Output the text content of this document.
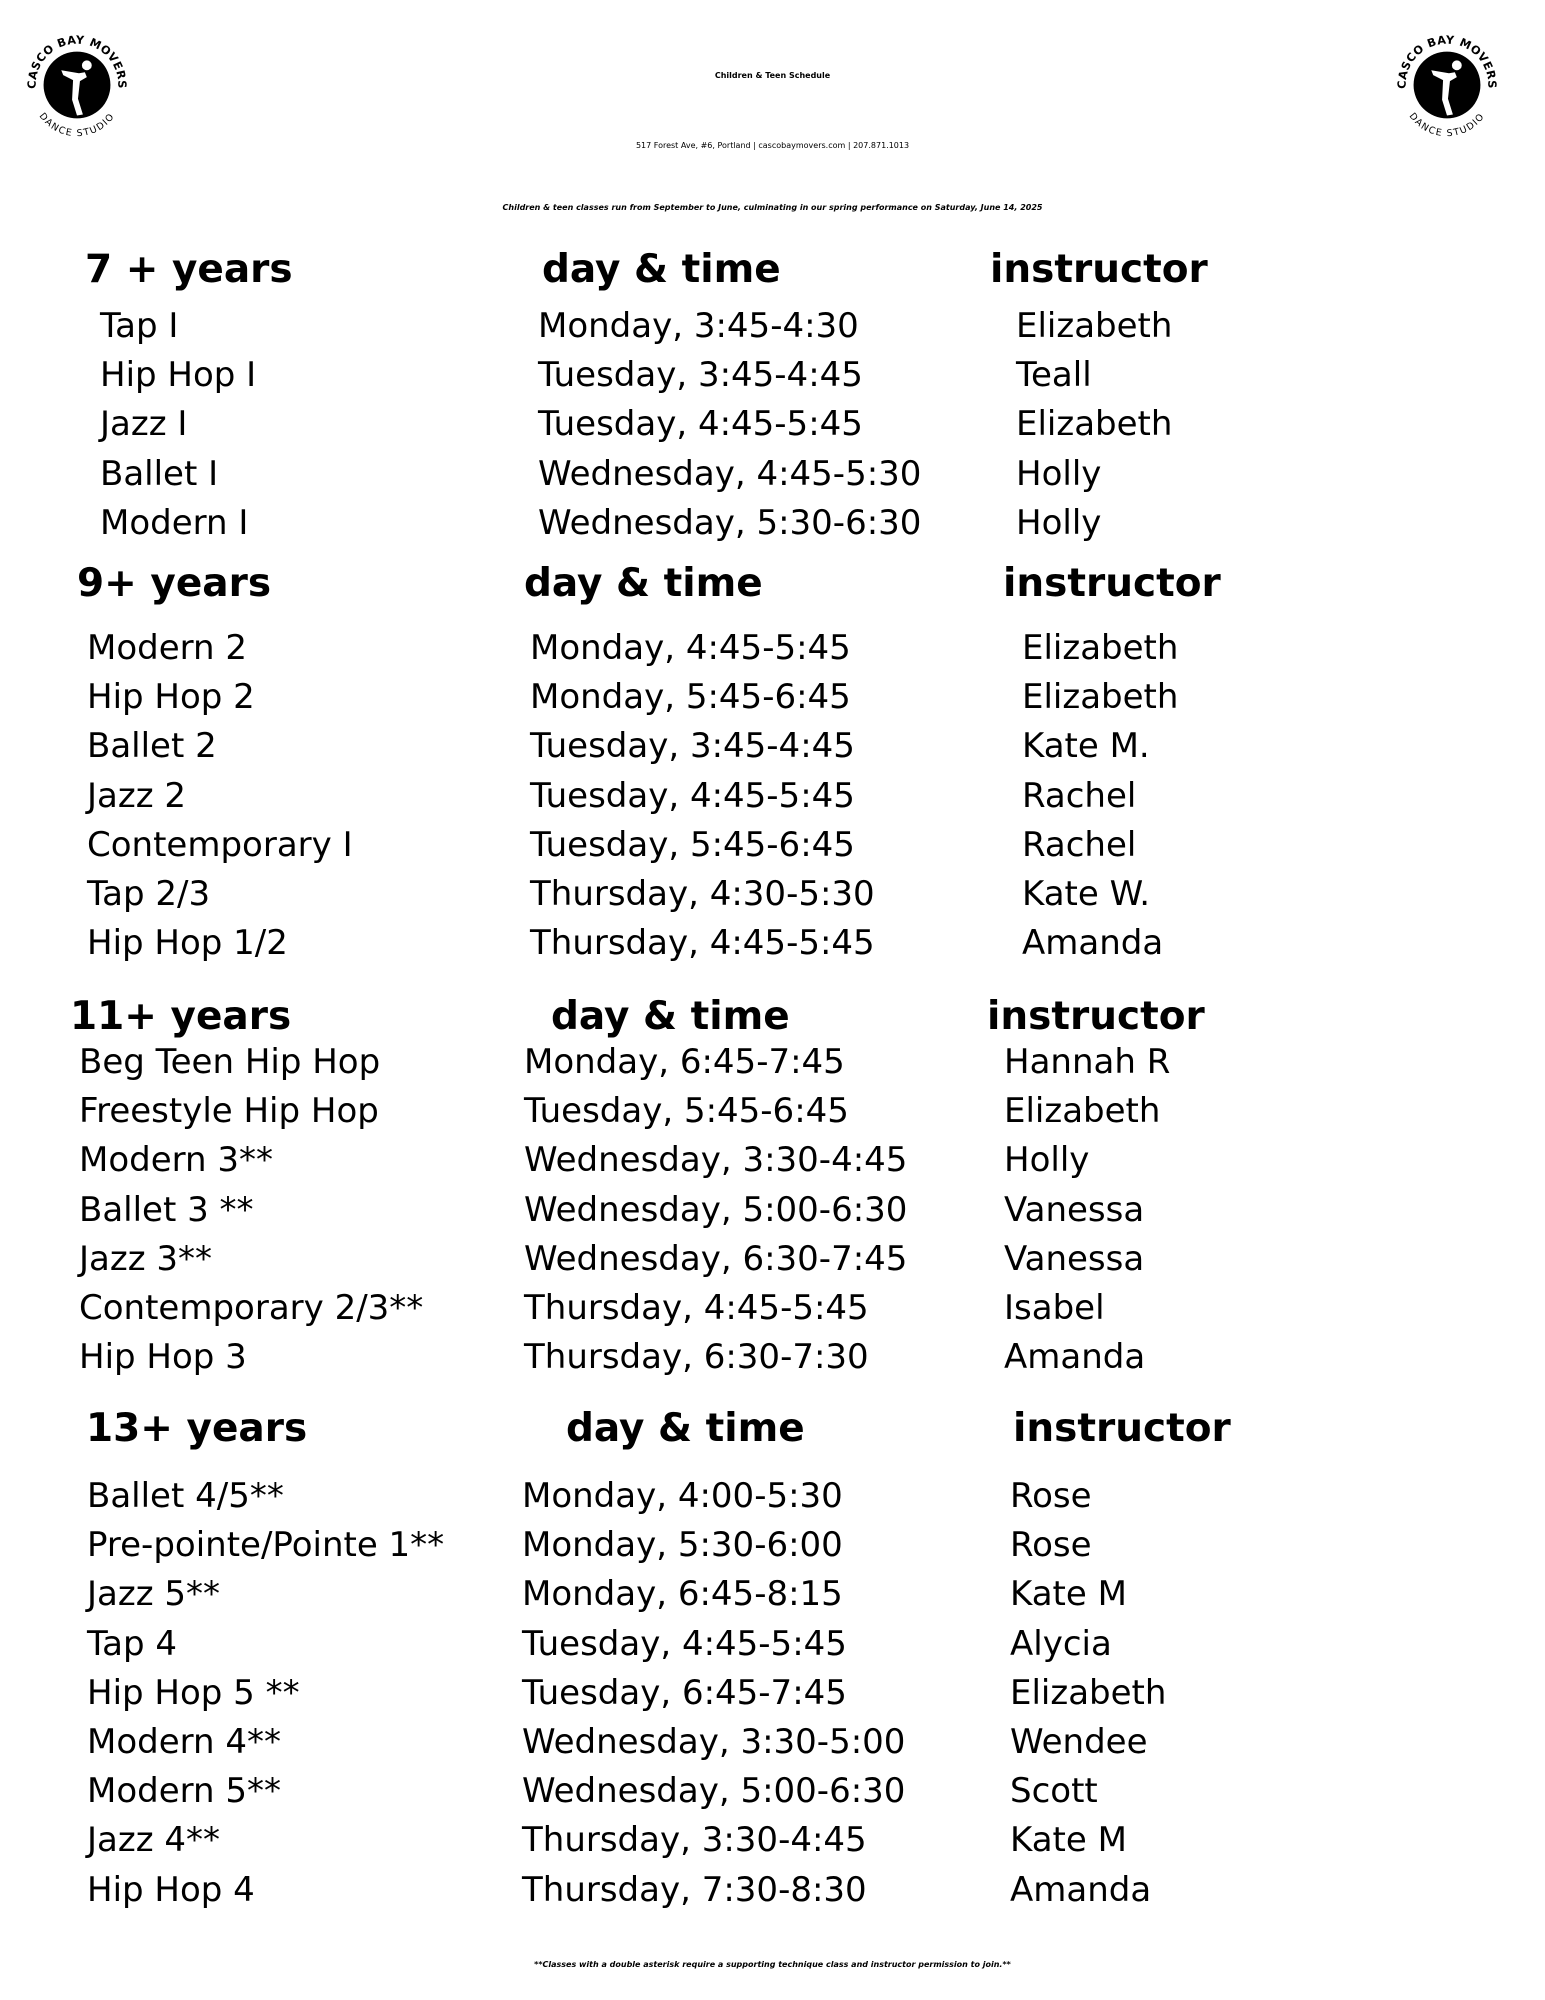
CASCO BAY MOVERS
DANCE STUDIO
CASCO BAY MOVERS
DANCE STUDIO
Children & Teen Schedule
517 Forest Ave, #6, Portland | cascobaymovers.com | 207.871.1013
Children & teen classes run from September to June, culminating in our spring performance on Saturday, June 14, 2025
7 + years	day & time	instructor
Tap I	Monday, 3:45-4:30	Elizabeth
Hip Hop I	Tuesday, 3:45-4:45	Teall
Jazz I	Tuesday, 4:45-5:45	Elizabeth
Ballet I	Wednesday, 4:45-5:30	Holly
Modern I	Wednesday, 5:30-6:30	Holly
9+ years	day & time	instructor
Modern 2	Monday, 4:45-5:45	Elizabeth
Hip Hop 2	Monday, 5:45-6:45	Elizabeth
Ballet 2	Tuesday, 3:45-4:45	Kate M.
Jazz 2	Tuesday, 4:45-5:45	Rachel
Contemporary I	Tuesday, 5:45-6:45	Rachel
Tap 2/3	Thursday, 4:30-5:30	Kate W.
Hip Hop 1/2	Thursday, 4:45-5:45	Amanda
11+ years	day & time	instructor
Beg Teen Hip Hop	Monday, 6:45-7:45	Hannah R
Freestyle Hip Hop	Tuesday, 5:45-6:45	Elizabeth
Modern 3**	Wednesday, 3:30-4:45	Holly
Ballet 3 **	Wednesday, 5:00-6:30	Vanessa
Jazz 3**	Wednesday, 6:30-7:45	Vanessa
Contemporary 2/3**	Thursday, 4:45-5:45	Isabel
Hip Hop 3	Thursday, 6:30-7:30	Amanda
13+ years	day & time	instructor
Ballet 4/5**	Monday, 4:00-5:30	Rose
Pre-pointe/Pointe 1** Monday, 5:30-6:00	Rose
Jazz 5**	Monday, 6:45-8:15	Kate M
Tap 4	Tuesday, 4:45-5:45	Alycia
Hip Hop 5 **	Tuesday, 6:45-7:45	Elizabeth
Modern 4**	Wednesday, 3:30-5:00	Wendee
Modern 5**	Wednesday, 5:00-6:30	Scott
Jazz 4**	Thursday, 3:30-4:45	Kate M
Hip Hop 4	Thursday, 7:30-8:30	Amanda
**Classes with a double asterisk require a supporting technique class and instructor permission to join.**
